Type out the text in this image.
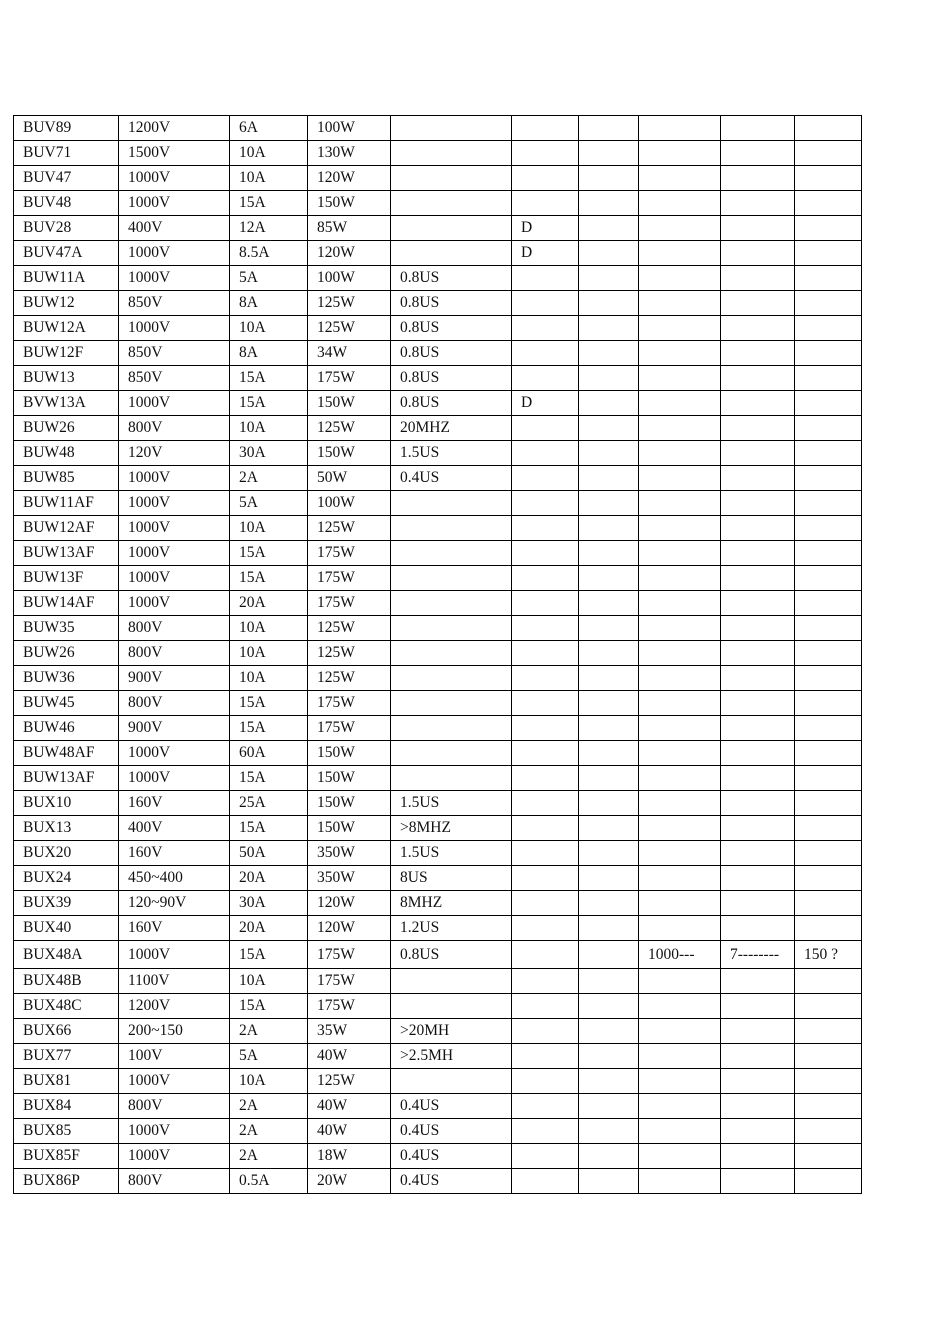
BUV89	1200V	6A	100W						
BUV71	1500V	10A	130W						
BUV47	1000V	10A	120W						
BUV48	1000V	15A	150W						
BUV28	400V	12A	85W		D				
BUV47A	1000V	8.5A	120W		D				
BUW11A	1000V	5A	100W	0.8US					
BUW12	850V	8A	125W	0.8US					
BUW12A	1000V	10A	125W	0.8US					
BUW12F	850V	8A	34W	0.8US					
BUW13	850V	15A	175W	0.8US					
BVW13A	1000V	15A	150W	0.8US	D				
BUW26	800V	10A	125W	20MHZ					
BUW48	120V	30A	150W	1.5US					
BUW85	1000V	2A	50W	0.4US					
BUW11AF	1000V	5A	100W						
BUW12AF	1000V	10A	125W						
BUW13AF	1000V	15A	175W						
BUW13F	1000V	15A	175W						
BUW14AF	1000V	20A	175W						
BUW35	800V	10A	125W						
BUW26	800V	10A	125W						
BUW36	900V	10A	125W						
BUW45	800V	15A	175W						
BUW46	900V	15A	175W						
BUW48AF	1000V	60A	150W						
BUW13AF	1000V	15A	150W						
BUX10	160V	25A	150W	1.5US					
BUX13	400V	15A	150W	>8MHZ					
BUX20	160V	50A	350W	1.5US					
BUX24	450~400	20A	350W	8US					
BUX39	120~90V	30A	120W	8MHZ					
BUX40	160V	20A	120W	1.2US					
BUX48A	1000V	15A	175W	0.8US			1000---	7--------	150 ?
BUX48B	1100V	10A	175W						
BUX48C	1200V	15A	175W						
BUX66	200~150	2A	35W	>20MH					
BUX77	100V	5A	40W	>2.5MH					
BUX81	1000V	10A	125W						
BUX84	800V	2A	40W	0.4US					
BUX85	1000V	2A	40W	0.4US					
BUX85F	1000V	2A	18W	0.4US					
BUX86P	800V	0.5A	20W	0.4US					
